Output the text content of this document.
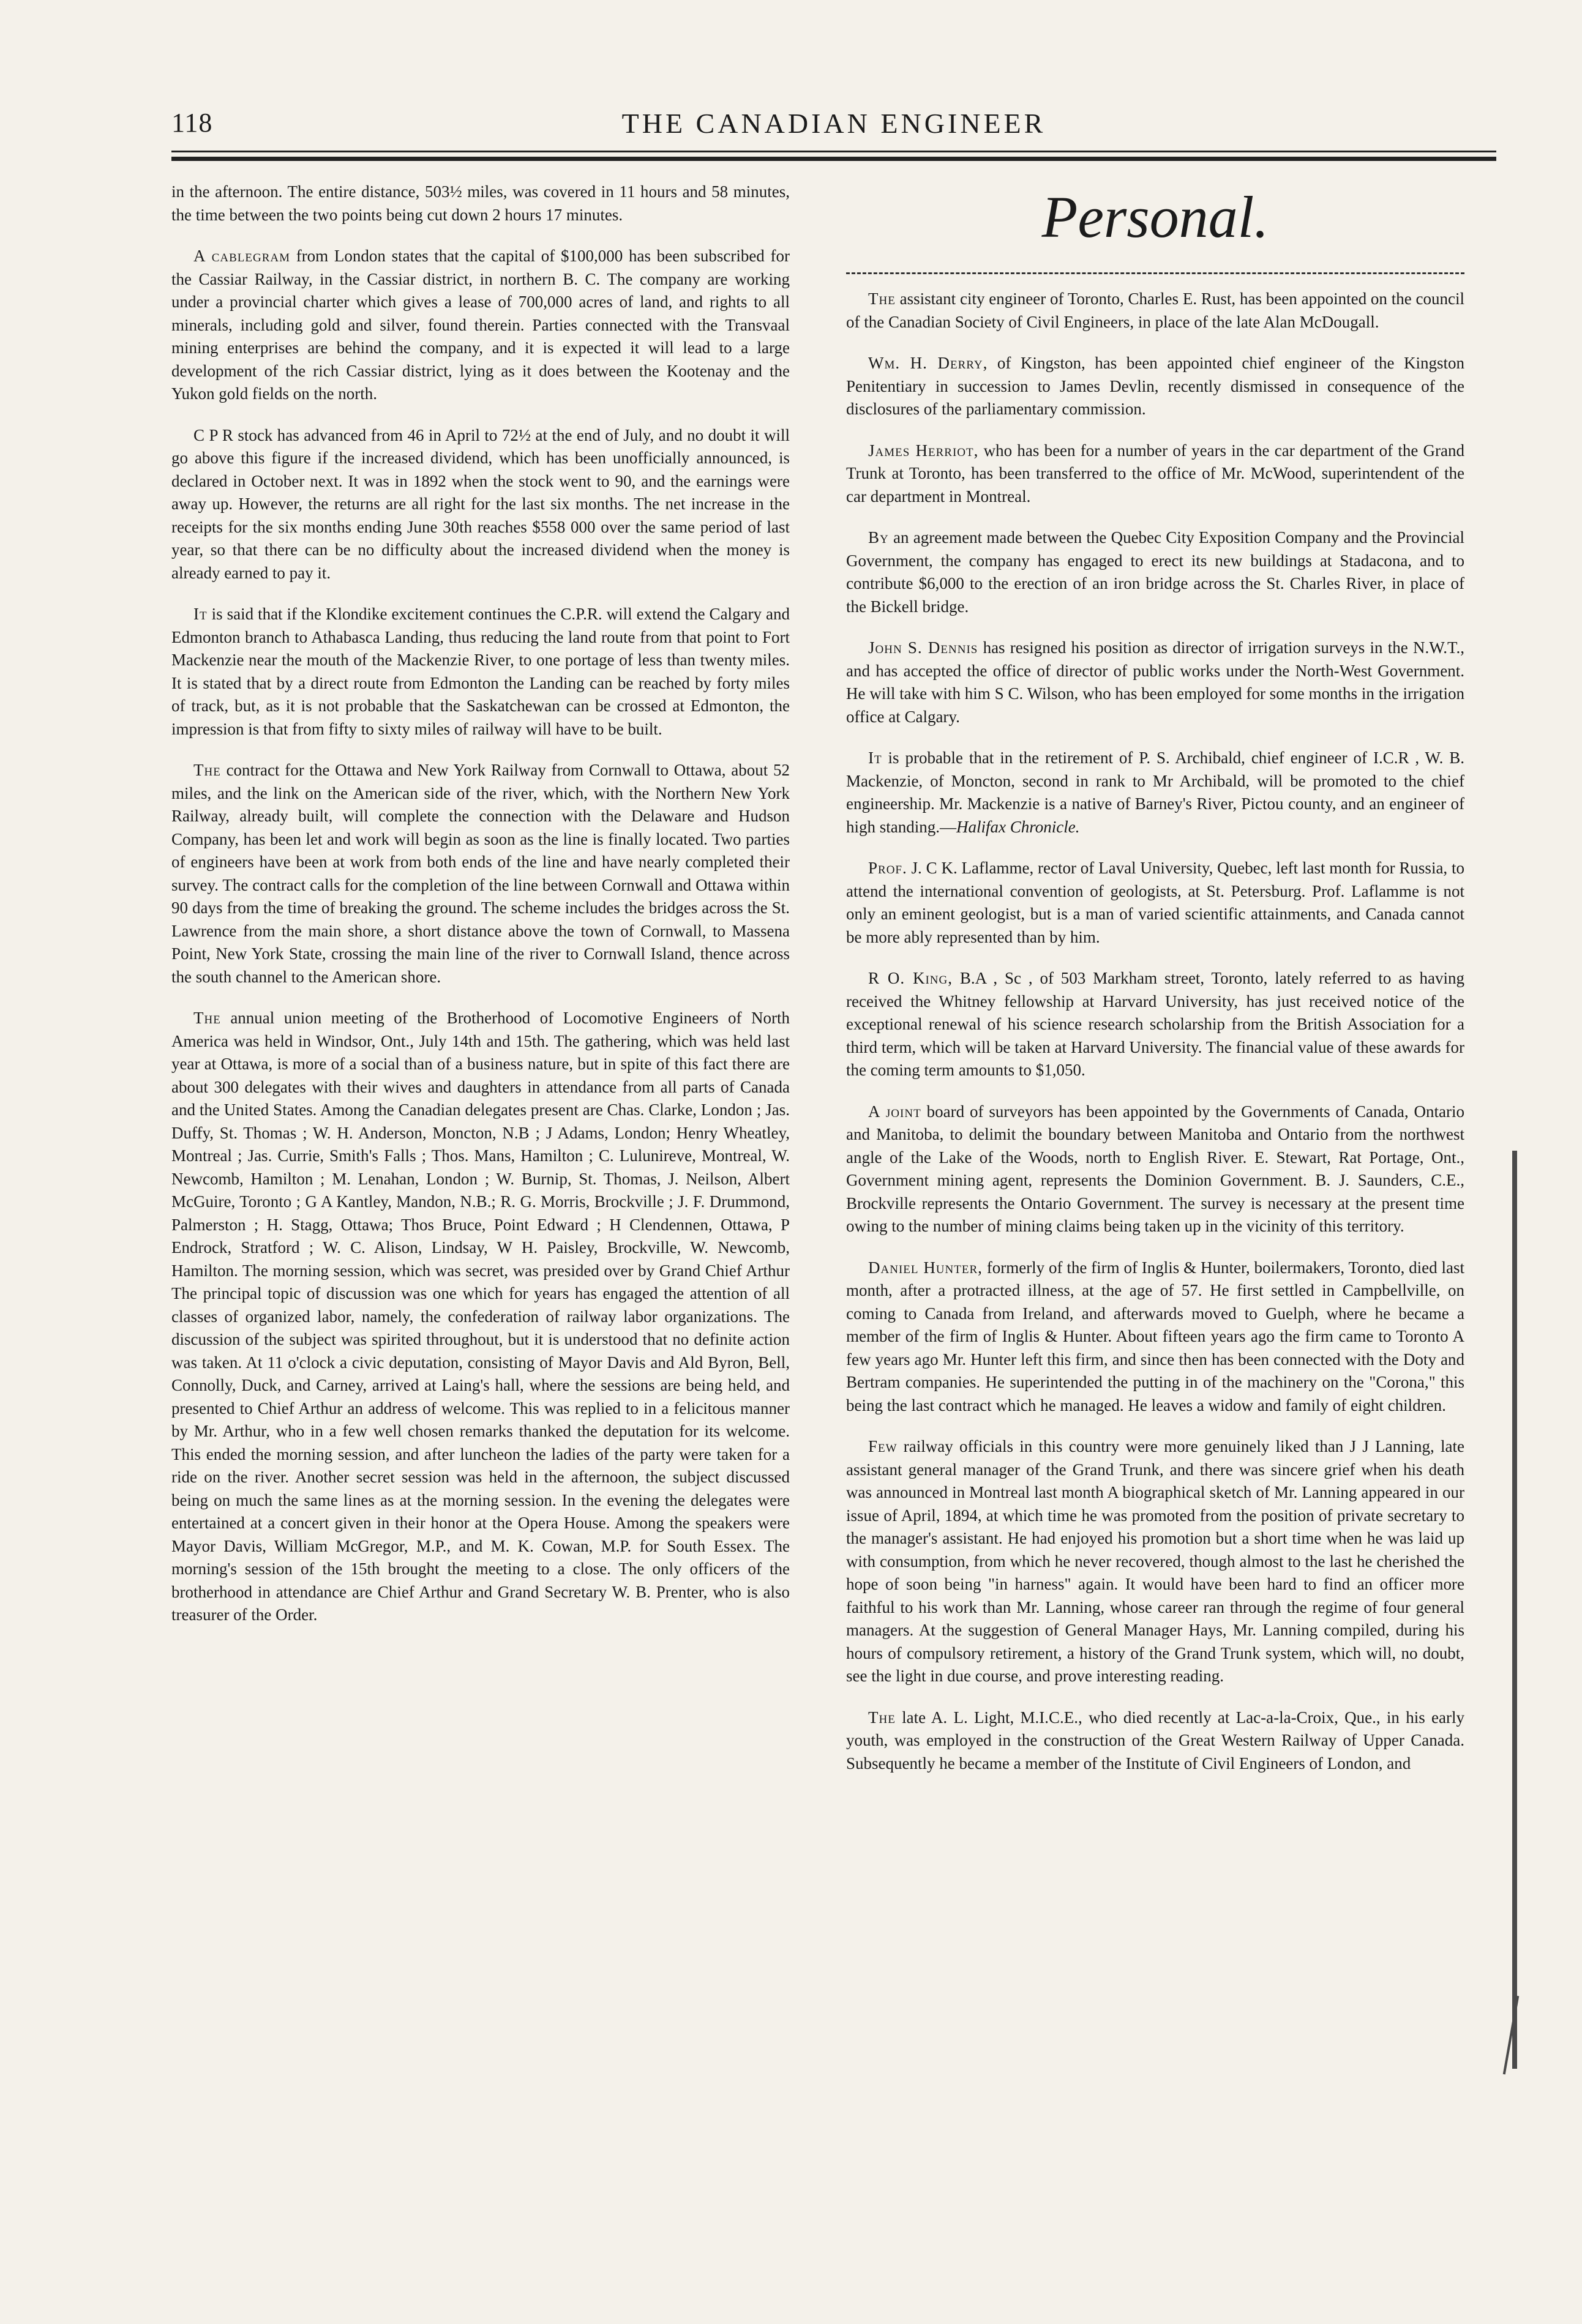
118	THE CANADIAN ENGINEER

in the afternoon. The entire distance, 503½ miles, was covered in 11 hours and 58 minutes, the time between the two points being cut down 2 hours 17 minutes.

A cablegram from London states that the capital of $100,000 has been subscribed for the Cassiar Railway, in the Cassiar district, in northern B. C. The company are working under a provincial charter which gives a lease of 700,000 acres of land, and rights to all minerals, including gold and silver, found therein. Parties connected with the Transvaal mining enterprises are behind the company, and it is expected it will lead to a large development of the rich Cassiar district, lying as it does between the Kootenay and the Yukon gold fields on the north.

C P R stock has advanced from 46 in April to 72½ at the end of July, and no doubt it will go above this figure if the increased dividend, which has been unofficially announced, is declared in October next. It was in 1892 when the stock went to 90, and the earnings were away up. However, the returns are all right for the last six months. The net increase in the receipts for the six months ending June 30th reaches $558 000 over the same period of last year, so that there can be no difficulty about the increased dividend when the money is already earned to pay it.

It is said that if the Klondike excitement continues the C.P.R. will extend the Calgary and Edmonton branch to Athabasca Landing, thus reducing the land route from that point to Fort Mackenzie near the mouth of the Mackenzie River, to one portage of less than twenty miles. It is stated that by a direct route from Edmonton the Landing can be reached by forty miles of track, but, as it is not probable that the Saskatchewan can be crossed at Edmonton, the impression is that from fifty to sixty miles of railway will have to be built.

The contract for the Ottawa and New York Railway from Cornwall to Ottawa, about 52 miles, and the link on the American side of the river, which, with the Northern New York Railway, already built, will complete the connection with the Delaware and Hudson Company, has been let and work will begin as soon as the line is finally located. Two parties of engineers have been at work from both ends of the line and have nearly completed their survey. The contract calls for the completion of the line between Cornwall and Ottawa within 90 days from the time of breaking the ground. The scheme includes the bridges across the St. Lawrence from the main shore, a short distance above the town of Cornwall, to Massena Point, New York State, crossing the main line of the river to Cornwall Island, thence across the south channel to the American shore.

The annual union meeting of the Brotherhood of Locomotive Engineers of North America was held in Windsor, Ont., July 14th and 15th. The gathering, which was held last year at Ottawa, is more of a social than of a business nature, but in spite of this fact there are about 300 delegates with their wives and daughters in attendance from all parts of Canada and the United States. Among the Canadian delegates present are Chas. Clarke, London ; Jas. Duffy, St. Thomas ; W. H. Anderson, Moncton, N.B ; J Adams, London; Henry Wheatley, Montreal ; Jas. Currie, Smith's Falls ; Thos. Mans, Hamilton ; C. Lulunireve, Montreal, W. Newcomb, Hamilton ; M. Lenahan, London ; W. Burnip, St. Thomas, J. Neilson, Albert McGuire, Toronto ; G A Kantley, Mandon, N.B.; R. G. Morris, Brockville ; J. F. Drummond, Palmerston ; H. Stagg, Ottawa; Thos Bruce, Point Edward ; H Clendennen, Ottawa, P Endrock, Stratford ; W. C. Alison, Lindsay, W H. Paisley, Brockville, W. Newcomb, Hamilton. The morning session, which was secret, was presided over by Grand Chief Arthur The principal topic of discussion was one which for years has engaged the attention of all classes of organized labor, namely, the confederation of railway labor organizations. The discussion of the subject was spirited throughout, but it is understood that no definite action was taken. At 11 o'clock a civic deputation, consisting of Mayor Davis and Ald Byron, Bell, Connolly, Duck, and Carney, arrived at Laing's hall, where the sessions are being held, and presented to Chief Arthur an address of welcome. This was replied to in a felicitous manner by Mr. Arthur, who in a few well chosen remarks thanked the deputation for its welcome. This ended the morning session, and after luncheon the ladies of the party were taken for a ride on the river. Another secret session was held in the afternoon, the subject discussed being on much the same lines as at the morning session. In the evening the delegates were entertained at a concert given in their honor at the Opera House. Among the speakers were Mayor Davis, William McGregor, M.P., and M. K. Cowan, M.P. for South Essex. The morning's session of the 15th brought the meeting to a close. The only officers of the brotherhood in attendance are Chief Arthur and Grand Secretary W. B. Prenter, who is also treasurer of the Order.

Personal.

The assistant city engineer of Toronto, Charles E. Rust, has been appointed on the council of the Canadian Society of Civil Engineers, in place of the late Alan McDougall.

Wm. H. Derry, of Kingston, has been appointed chief engineer of the Kingston Penitentiary in succession to James Devlin, recently dismissed in consequence of the disclosures of the parliamentary commission.

James Herriot, who has been for a number of years in the car department of the Grand Trunk at Toronto, has been transferred to the office of Mr. McWood, superintendent of the car department in Montreal.

By an agreement made between the Quebec City Exposition Company and the Provincial Government, the company has engaged to erect its new buildings at Stadacona, and to contribute $6,000 to the erection of an iron bridge across the St. Charles River, in place of the Bickell bridge.

John S. Dennis has resigned his position as director of irrigation surveys in the N.W.T., and has accepted the office of director of public works under the North-West Government. He will take with him S C. Wilson, who has been employed for some months in the irrigation office at Calgary.

It is probable that in the retirement of P. S. Archibald, chief engineer of I.C.R , W. B. Mackenzie, of Moncton, second in rank to Mr Archibald, will be promoted to the chief engineership. Mr. Mackenzie is a native of Barney's River, Pictou county, and an engineer of high standing.—Halifax Chronicle.

Prof. J. C K. Laflamme, rector of Laval University, Quebec, left last month for Russia, to attend the international convention of geologists, at St. Petersburg. Prof. Laflamme is not only an eminent geologist, but is a man of varied scientific attainments, and Canada cannot be more ably represented than by him.

R O. King, B.A , Sc , of 503 Markham street, Toronto, lately referred to as having received the Whitney fellowship at Harvard University, has just received notice of the exceptional renewal of his science research scholarship from the British Association for a third term, which will be taken at Harvard University. The financial value of these awards for the coming term amounts to $1,050.

A joint board of surveyors has been appointed by the Governments of Canada, Ontario and Manitoba, to delimit the boundary between Manitoba and Ontario from the northwest angle of the Lake of the Woods, north to English River. E. Stewart, Rat Portage, Ont., Government mining agent, represents the Dominion Government. B. J. Saunders, C.E., Brockville represents the Ontario Government. The survey is necessary at the present time owing to the number of mining claims being taken up in the vicinity of this territory.

Daniel Hunter, formerly of the firm of Inglis & Hunter, boilermakers, Toronto, died last month, after a protracted illness, at the age of 57. He first settled in Campbellville, on coming to Canada from Ireland, and afterwards moved to Guelph, where he became a member of the firm of Inglis & Hunter. About fifteen years ago the firm came to Toronto A few years ago Mr. Hunter left this firm, and since then has been connected with the Doty and Bertram companies. He superintended the putting in of the machinery on the "Corona," this being the last contract which he managed. He leaves a widow and family of eight children.

Few railway officials in this country were more genuinely liked than J J Lanning, late assistant general manager of the Grand Trunk, and there was sincere grief when his death was announced in Montreal last month A biographical sketch of Mr. Lanning appeared in our issue of April, 1894, at which time he was promoted from the position of private secretary to the manager's assistant. He had enjoyed his promotion but a short time when he was laid up with consumption, from which he never recovered, though almost to the last he cherished the hope of soon being "in harness" again. It would have been hard to find an officer more faithful to his work than Mr. Lanning, whose career ran through the regime of four general managers. At the suggestion of General Manager Hays, Mr. Lanning compiled, during his hours of compulsory retirement, a history of the Grand Trunk system, which will, no doubt, see the light in due course, and prove interesting reading.

The late A. L. Light, M.I.C.E., who died recently at Lac-a-la-Croix, Que., in his early youth, was employed in the construction of the Great Western Railway of Upper Canada. Subsequently he became a member of the Institute of Civil Engineers of London, and
